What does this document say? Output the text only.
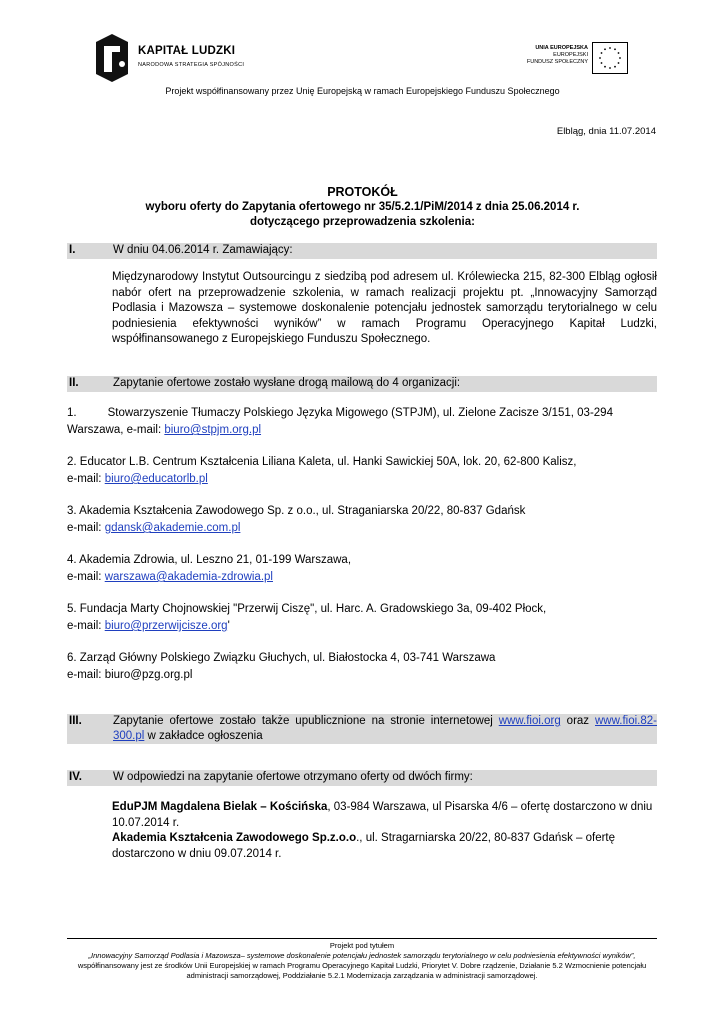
KAPITAŁ LUDZKI
NARODOWA STRATEGIA SPÓJNOŚCI
UNIA EUROPEJSKA
EUROPEJSKI
FUNDUSZ SPOŁECZNY
Projekt współfinansowany przez Unię Europejską w ramach Europejskiego Funduszu Społecznego
Elbląg, dnia 11.07.2014
PROTOKÓŁ
wyboru oferty do Zapytania ofertowego nr 35/5.2.1/PiM/2014 z dnia 25.06.2014 r.
dotyczącego przeprowadzenia szkolenia:
I.	W dniu 04.06.2014 r. Zamawiający:
Międzynarodowy Instytut Outsourcingu z siedzibą pod adresem ul. Królewiecka 215, 82-300 Elbląg ogłosił nabór ofert na przeprowadzenie szkolenia, w ramach realizacji projektu pt. „Innowacyjny Samorząd Podlasia i Mazowsza – systemowe doskonalenie potencjału jednostek samorządu terytorialnego w celu podniesienia efektywności wyników” w ramach Programu Operacyjnego Kapitał Ludzki, współfinansowanego z Europejskiego Funduszu Społecznego.
II.	Zapytanie ofertowe zostało wysłane drogą mailową do 4 organizacji:
1.	Stowarzyszenie Tłumaczy Polskiego Języka Migowego (STPJM), ul. Zielone Zacisze 3/151, 03-294
Warszawa, e-mail: biuro@stpjm.org.pl
2. Educator L.B. Centrum Kształcenia Liliana Kaleta, ul. Hanki Sawickiej 50A, lok. 20, 62-800 Kalisz,
e-mail: biuro@educatorlb.pl
3. Akademia Kształcenia Zawodowego Sp. z o.o., ul. Straganiarska 20/22, 80-837 Gdańsk
e-mail: gdansk@akademie.com.pl
4. Akademia Zdrowia, ul. Leszno 21, 01-199 Warszawa,
e-mail: warszawa@akademia-zdrowia.pl
5. Fundacja Marty Chojnowskiej "Przerwij Ciszę", ul. Harc. A. Gradowskiego 3a, 09-402 Płock,
e-mail: biuro@przerwijcisze.org'
6. Zarząd Główny Polskiego Związku Głuchych, ul. Białostocka 4, 03-741 Warszawa
e-mail: biuro@pzg.org.pl
III.	Zapytanie ofertowe zostało także upublicznione na stronie internetowej www.fioi.org oraz www.fioi.82-300.pl w zakładce ogłoszenia
IV.	W odpowiedzi na zapytanie ofertowe otrzymano oferty od dwóch firmy:
EduPJM Magdalena Bielak – Kościńska, 03-984 Warszawa, ul Pisarska 4/6 – ofertę dostarczono w dniu 10.07.2014 r.
Akademia Kształcenia Zawodowego Sp.z.o.o., ul. Stragarniarska 20/22, 80-837 Gdańsk – ofertę dostarczono w dniu 09.07.2014 r.
Projekt pod tytułem
„Innowacyjny Samorząd Podlasia i Mazowsza– systemowe doskonalenie potencjału jednostek samorządu terytorialnego w celu podniesienia efektywności wyników”, współfinansowany jest ze środków Unii Europejskiej w ramach Programu Operacyjnego Kapitał Ludzki, Priorytet V. Dobre rządzenie, Działanie 5.2 Wzmocnienie potencjału administracji samorządowej, Poddziałanie 5.2.1 Modernizacja zarządzania w administracji samorządowej.
